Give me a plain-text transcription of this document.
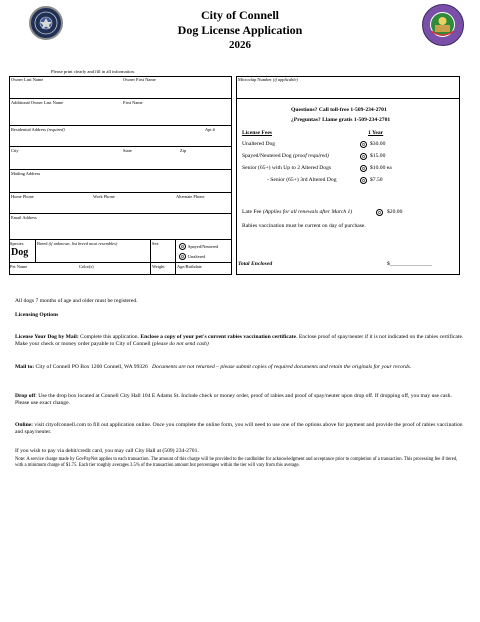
City of Connell
Dog License Application
2026
Please print clearly and fill in all information.
Owner Last Name	Owner First Name
Additional Owner Last Name	First Name
Residential Address (required)	Apt #
City	State	Zip
Mailing Address
Home Phone	Work Phone	Alternate Phone
Email Address
Species
Dog
Breed (if unknown, list breed most resembles)	Sex
Spayed/Neutered
Unaltered
Pet Name	Color(s)	Weight	Age/Birthdate
Microchip Number (if applicable)
Questions? Call toll-free 1-509-234-2701
¿Preguntas? Llame gratis 1-509-234-2701
License Fees	1 Year
Unaltered Dog	$30.00
Spayed/Neutered Dog (proof required)	$15.00
Senior (65+) with Up to 2 Altered Dogs	$10.00 ea
- Senior (65+) 3rd Altered Dog	$7.50
Late Fee (Applies for all renewals after March 1)	$20.00
Rabies vaccination must be current on day of purchase.
Total Enclosed	$_______________
All dogs 7 months of age and older must be registered.
Licensing Options
License Your Dog by Mail: Complete this application. Enclose a copy of your pet's current rabies vaccination certificate. Enclose proof of spay/neuter if it is not indicated on the rabies certificate. Make your check or money order payable to City of Connell (please do not send cash)
Mail to: City of Connell PO Box 1200 Connell, WA 99326 Documents are not returned – please submit copies of required documents and retain the originals for your records.
Drop off: Use the drop box located at Connell City Hall 104 E Adams St. Include check or money order, proof of rabies and proof of spay/neuter upon drop off. If dropping off, you may use cash. Please use exact change.
Online: visit cityofconnell.com to fill out application online. Once you complete the online form, you will need to use one of the options above for payment and provide the proof of rabies vaccination and spay/neuter.
If you wish to pay via debit/credit card, you may call City Hall at (509) 234-2701.
Note: A service charge made by GovPayNet applies to each transaction. The amount of this charge will be provided to the cardholder for acknowledgment and acceptance prior to completion of a transaction. This processing fee if tiered, with a minimum charge of $1.75. Each tier roughly averages 3.5% of the transaction amount but percentages within the tier will vary from this average.
